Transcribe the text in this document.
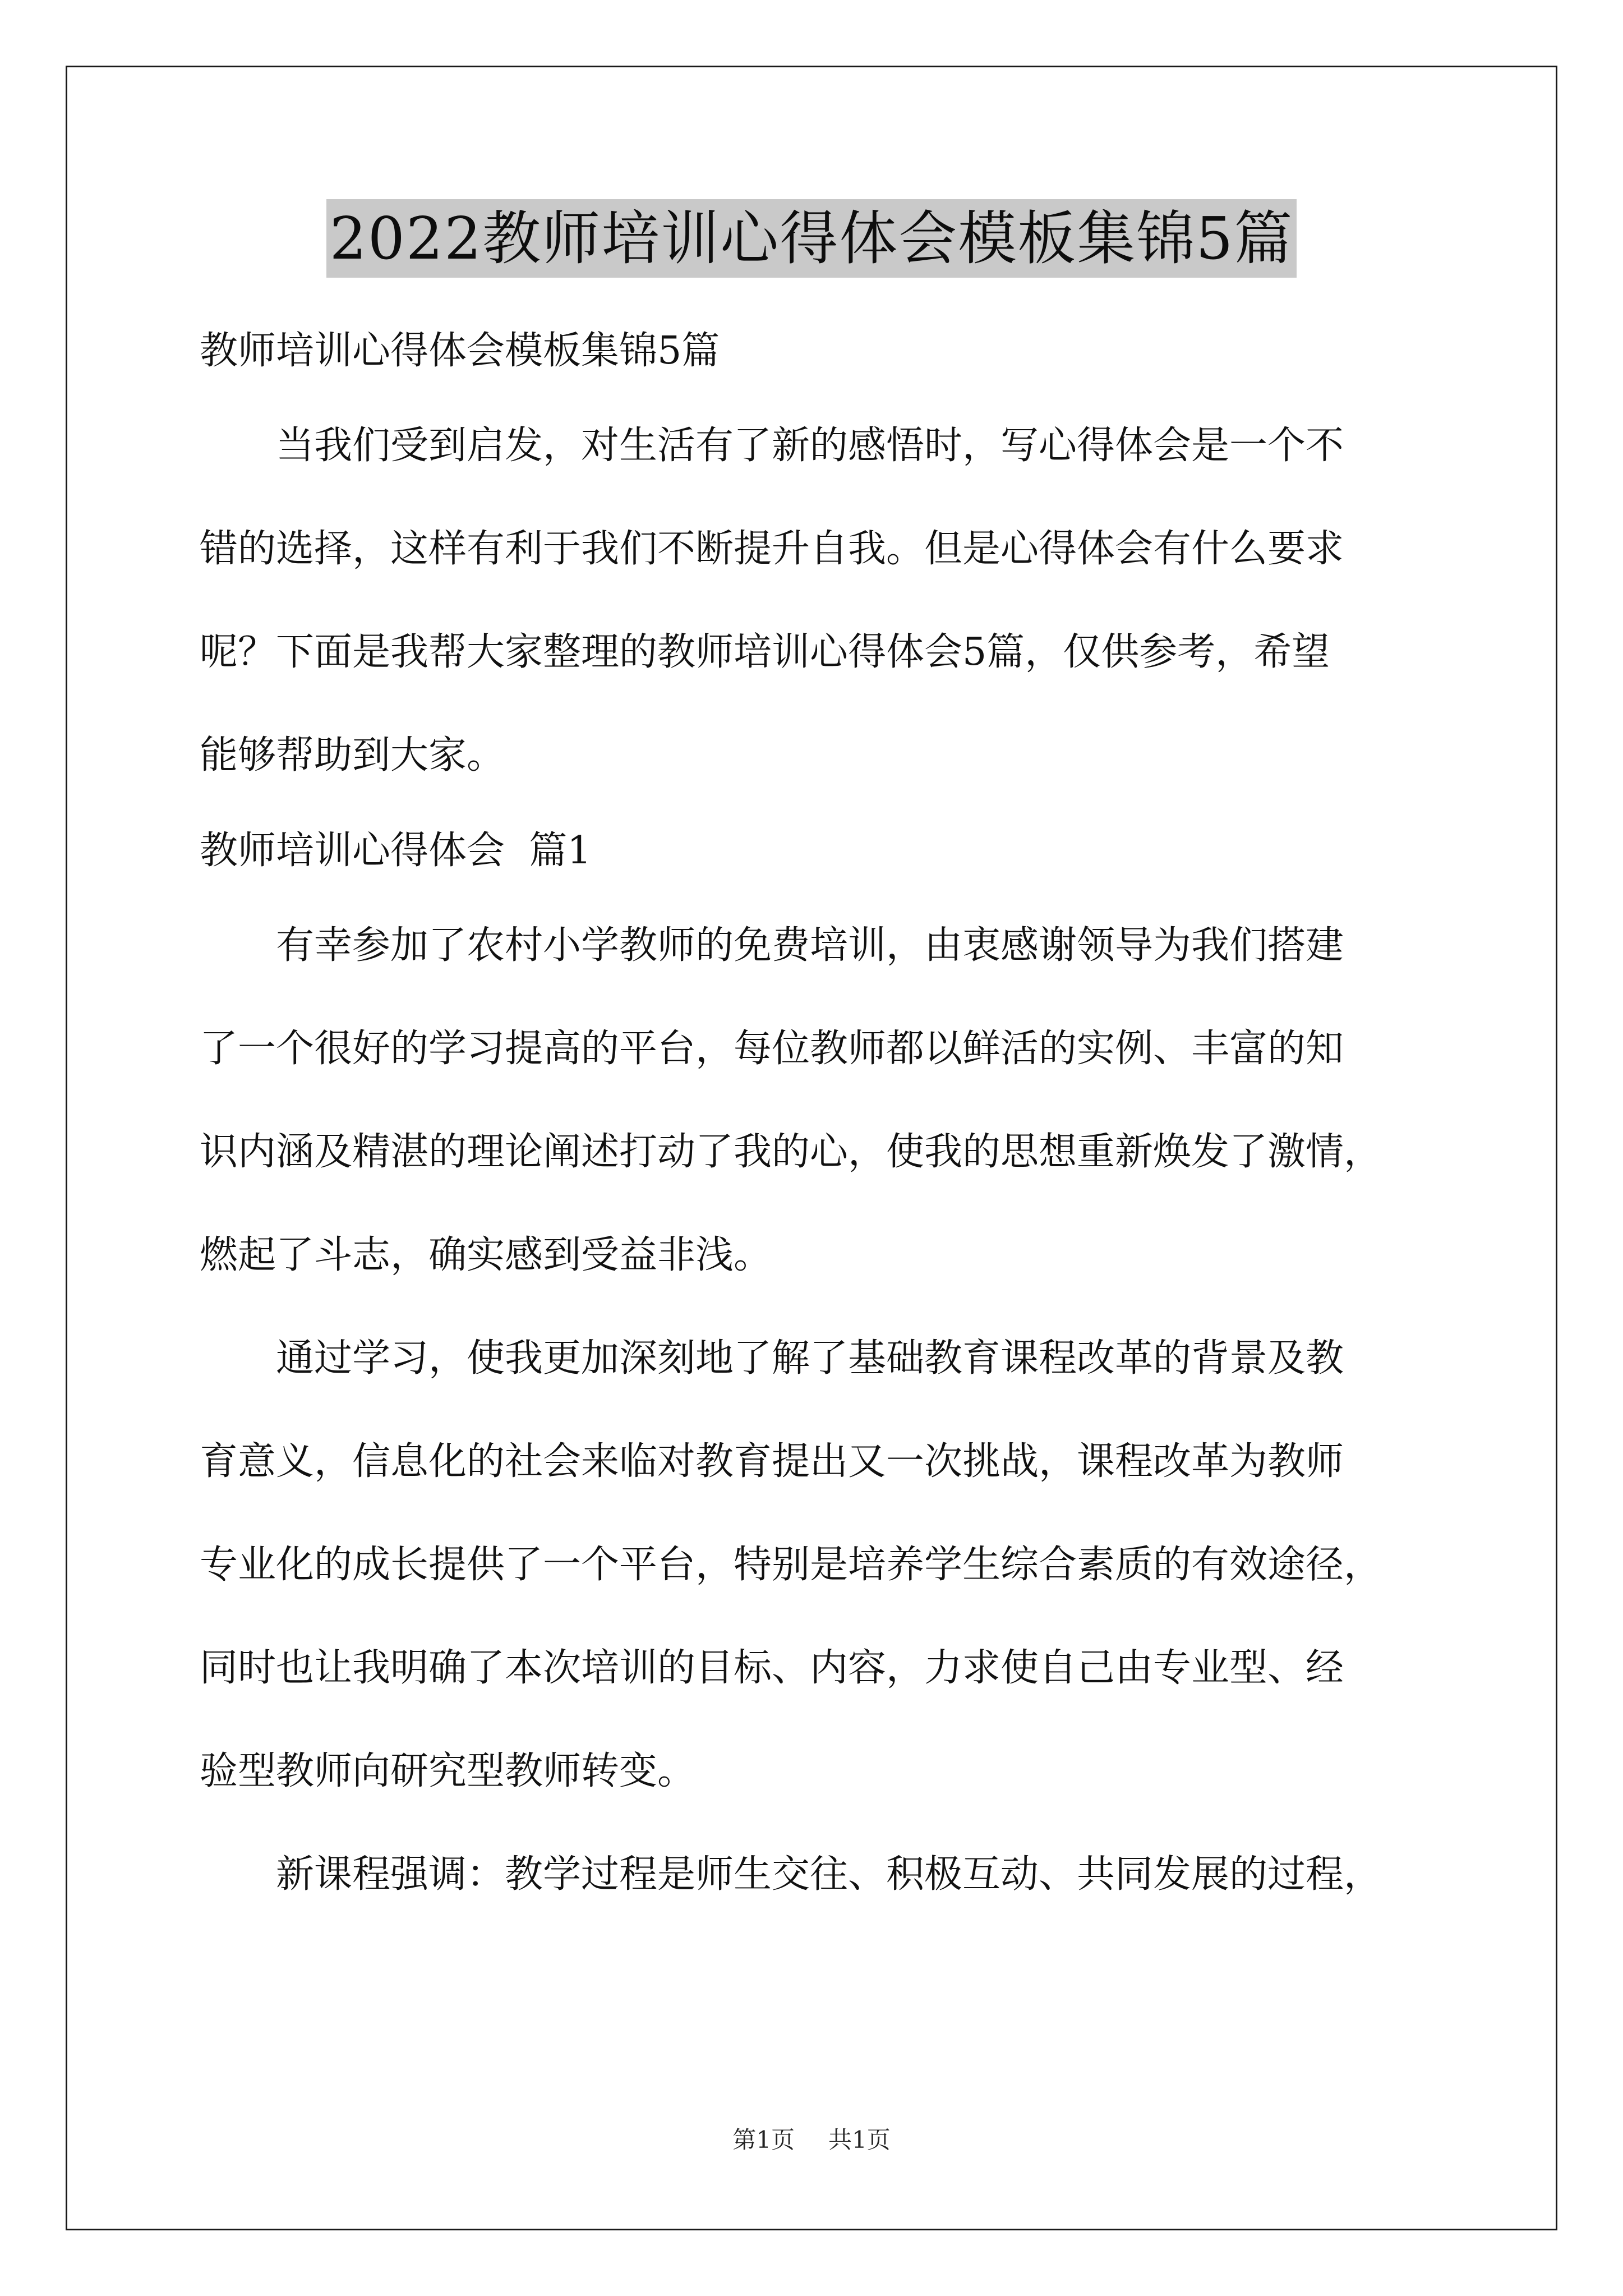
2022教师培训心得体会模板集锦5篇

教师培训心得体会模板集锦5篇

　　当我们受到启发，对生活有了新的感悟时，写心得体会是一个不

错的选择，这样有利于我们不断提升自我。但是心得体会有什么要求

呢？下面是我帮大家整理的教师培训心得体会5篇，仅供参考，希望

能够帮助到大家。

教师培训心得体会  篇1

　　有幸参加了农村小学教师的免费培训，由衷感谢领导为我们搭建

了一个很好的学习提高的平台，每位教师都以鲜活的实例、丰富的知

识内涵及精湛的理论阐述打动了我的心，使我的思想重新焕发了激情，

燃起了斗志，确实感到受益非浅。

　　通过学习，使我更加深刻地了解了基础教育课程改革的背景及教

育意义，信息化的社会来临对教育提出又一次挑战，课程改革为教师

专业化的成长提供了一个平台，特别是培养学生综合素质的有效途径，

同时也让我明确了本次培训的目标、内容，力求使自己由专业型、经

验型教师向研究型教师转变。

　　新课程强调：教学过程是师生交往、积极互动、共同发展的过程，

第1页 共1页
